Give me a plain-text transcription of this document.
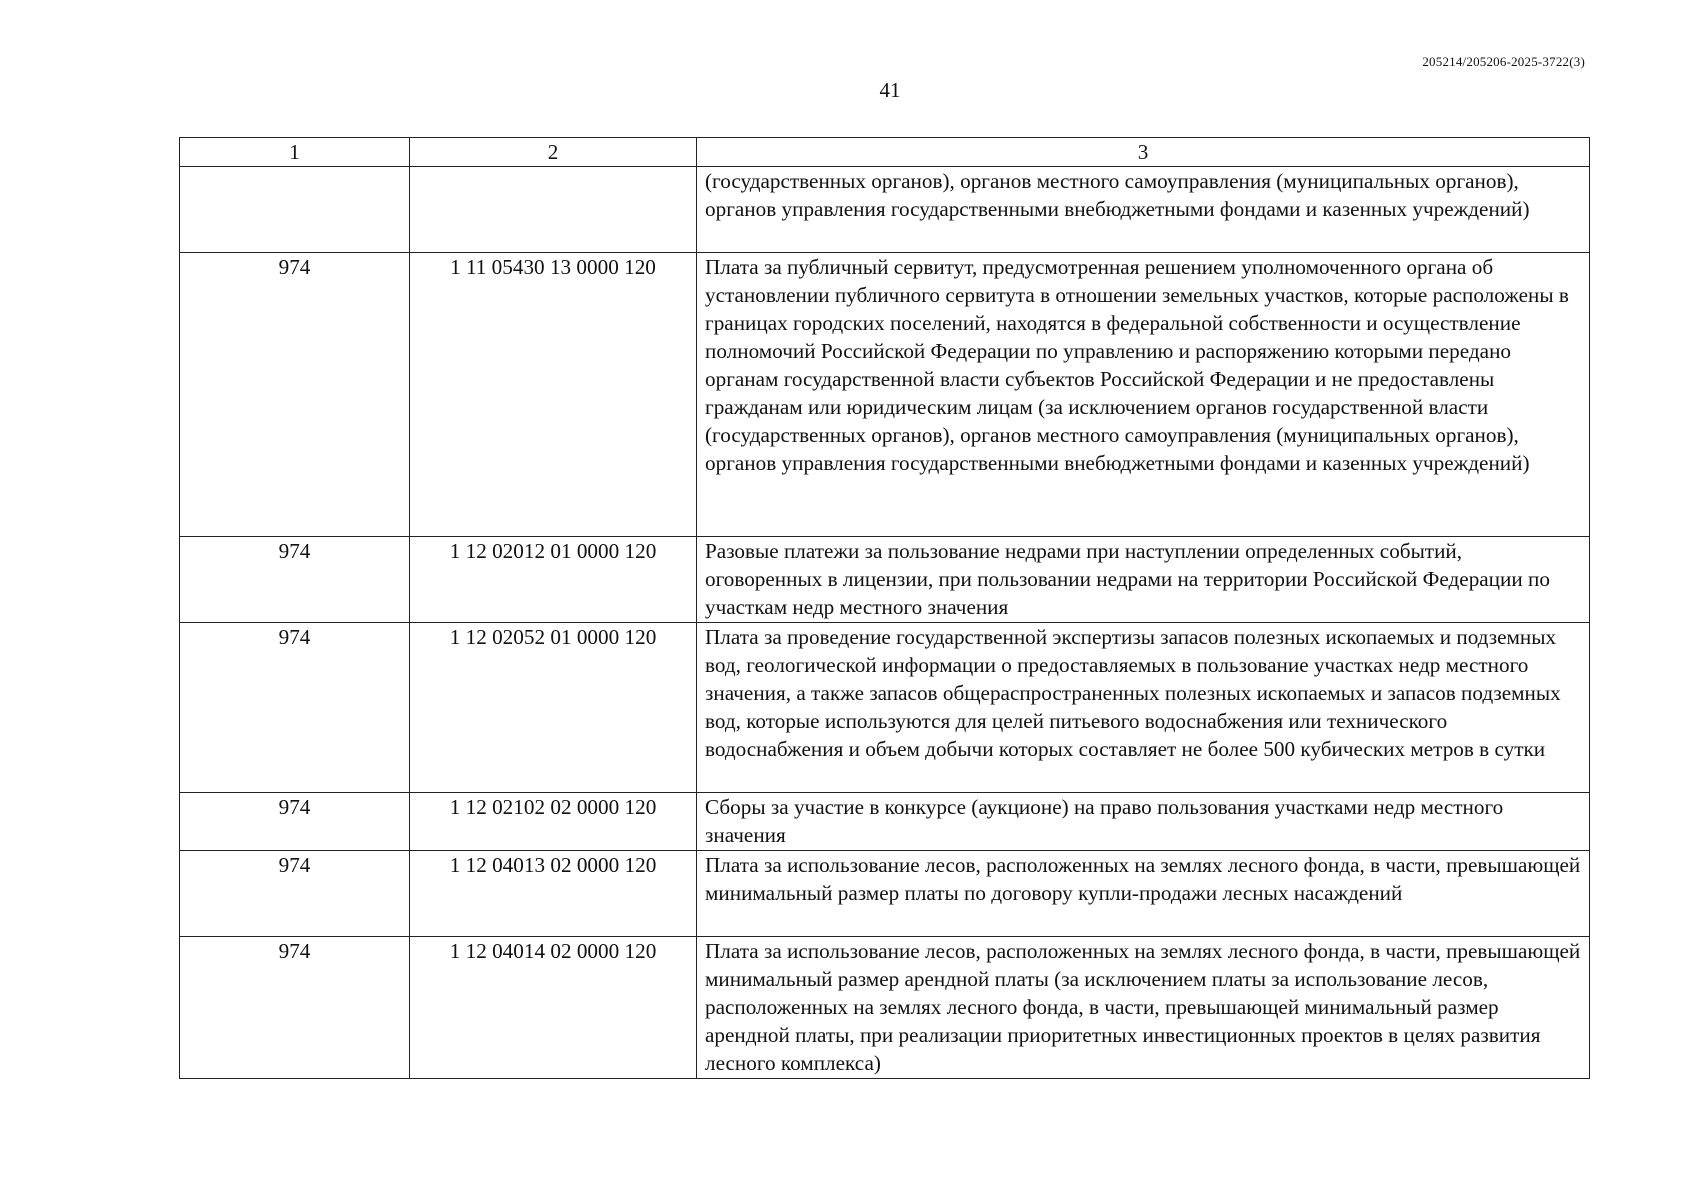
205214/205206-2025-3722(3)
41
1	2	3
		(государственных органов), органов местного самоуправления (муниципальных органов), органов управления государственными внебюджетными фондами и казенных учреждений)
974	1 11 05430 13 0000 120	Плата за публичный сервитут, предусмотренная решением уполномоченного органа об установлении публичного сервитута в отношении земельных участков, которые расположены в границах городских поселений, находятся в федеральной собственности и осуществление полномочий Российской Федерации по управлению и распоряжению которыми передано органам государственной власти субъектов Российской Федерации и не предоставлены гражданам или юридическим лицам (за исключением органов государственной власти (государственных органов), органов местного самоуправления (муниципальных органов), органов управления государственными внебюджетными фондами и казенных учреждений)
974	1 12 02012 01 0000 120	Разовые платежи за пользование недрами при наступлении определенных событий, оговоренных в лицензии, при пользовании недрами на территории Российской Федерации по участкам недр местного значения
974	1 12 02052 01 0000 120	Плата за проведение государственной экспертизы запасов полезных ископаемых и подземных вод, геологической информации о предоставляемых в пользование участках недр местного значения, а также запасов общераспространенных полезных ископаемых и запасов подземных вод, которые используются для целей питьевого водоснабжения или технического водоснабжения и объем добычи которых составляет не более 500 кубических метров в сутки
974	1 12 02102 02 0000 120	Сборы за участие в конкурсе (аукционе) на право пользования участками недр местного значения
974	1 12 04013 02 0000 120	Плата за использование лесов, расположенных на землях лесного фонда, в части, превышающей минимальный размер платы по договору купли-продажи лесных насаждений
974	1 12 04014 02 0000 120	Плата за использование лесов, расположенных на землях лесного фонда, в части, превышающей минимальный размер арендной платы (за исключением платы за использование лесов, расположенных на землях лесного фонда, в части, превышающей минимальный размер арендной платы, при реализации приоритетных инвестиционных проектов в целях развития лесного комплекса)
